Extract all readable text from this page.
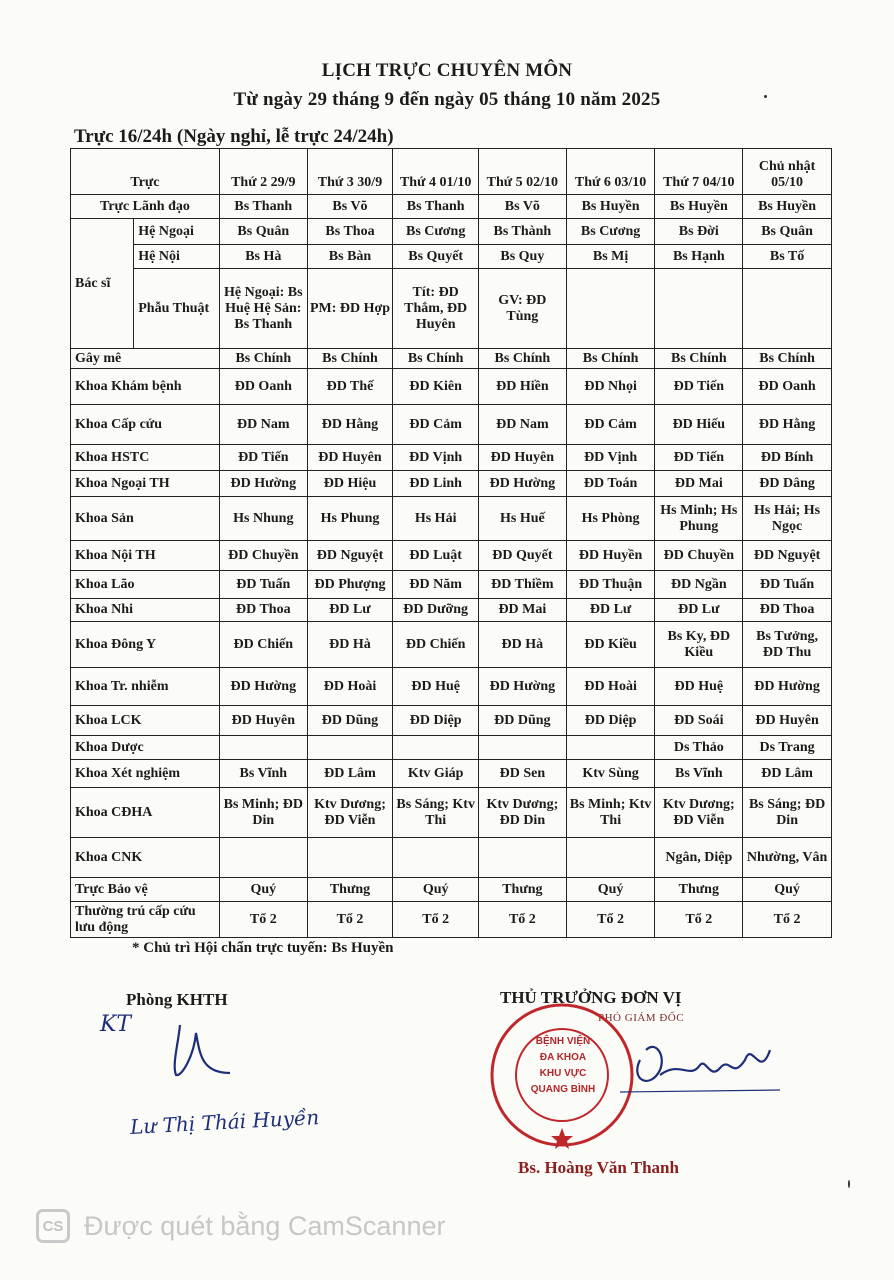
LỊCH TRỰC CHUYÊN MÔN
Từ ngày 29 tháng 9 đến ngày 05 tháng 10 năm 2025
Trực 16/24h (Ngày nghỉ, lễ trực 24/24h)
Trực		Thứ 2 29/9	Thứ 3 30/9	Thứ 4 01/10	Thứ 5 02/10	Thứ 6 03/10	Thứ 7 04/10	Chủ nhật 05/10
Trực Lãnh đạo		Bs Thanh	Bs Võ	Bs Thanh	Bs Võ	Bs Huyền	Bs Huyền	Bs Huyền
Bác sĩ	Hệ Ngoại	Bs Quân	Bs Thoa	Bs Cương	Bs Thành	Bs Cương	Bs Đời	Bs Quân
	Hệ Nội	Bs Hà	Bs Bàn	Bs Quyết	Bs Quy	Bs Mị	Bs Hạnh	Bs Tố
	Phẫu Thuật	Hệ Ngoại: Bs Huệ Hệ Sản: Bs Thanh	PM: ĐD Hợp	Tít: ĐD Thắm, ĐD Huyên	GV: ĐD Tùng			
Gây mê		Bs Chính	Bs Chính	Bs Chính	Bs Chính	Bs Chính	Bs Chính	Bs Chính
Khoa Khám bệnh		ĐD Oanh	ĐD Thế	ĐD Kiên	ĐD Hiền	ĐD Nhọi	ĐD Tiến	ĐD Oanh
Khoa Cấp cứu		ĐD Nam	ĐD Hằng	ĐD Cảm	ĐD Nam	ĐD Cảm	ĐD Hiếu	ĐD Hằng
Khoa HSTC		ĐD Tiến	ĐD Huyên	ĐD Vịnh	ĐD Huyên	ĐD Vịnh	ĐD Tiến	ĐD Bính
Khoa Ngoại TH		ĐD Hường	ĐD Hiệu	ĐD Linh	ĐD Hường	ĐD Toán	ĐD Mai	ĐD Dâng
Khoa Sản		Hs Nhung	Hs Phung	Hs Hải	Hs Huế	Hs Phòng	Hs Minh; Hs Phung	Hs Hải; Hs Ngọc
Khoa Nội TH		ĐD Chuyền	ĐD Nguyệt	ĐD Luật	ĐD Quyết	ĐD Huyền	ĐD Chuyền	ĐD Nguyệt
Khoa Lão		ĐD Tuấn	ĐD Phượng	ĐD Năm	ĐD Thiềm	ĐD Thuận	ĐD Ngần	ĐD Tuấn
Khoa Nhi		ĐD Thoa	ĐD Lư	ĐD Dưỡng	ĐD Mai	ĐD Lư	ĐD Lư	ĐD Thoa
Khoa Đông Y		ĐD Chiến	ĐD Hà	ĐD Chiến	ĐD Hà	ĐD Kiều	Bs Ky, ĐD Kiều	Bs Tưởng, ĐD Thu
Khoa Tr. nhiễm		ĐD Hường	ĐD Hoài	ĐD Huệ	ĐD Hường	ĐD Hoài	ĐD Huệ	ĐD Hường
Khoa LCK		ĐD Huyên	ĐD Dũng	ĐD Diệp	ĐD Dũng	ĐD Diệp	ĐD Soái	ĐD Huyên
Khoa Dược							Ds Thảo	Ds Trang
Khoa Xét nghiệm		Bs Vĩnh	ĐD Lâm	Ktv Giáp	ĐD Sen	Ktv Sùng	Bs Vĩnh	ĐD Lâm
Khoa CĐHA		Bs Minh; ĐD Din	Ktv Dương; ĐD Viễn	Bs Sáng; Ktv Thi	Ktv Dương; ĐD Din	Bs Minh; Ktv Thi	Ktv Dương; ĐD Viễn	Bs Sáng; ĐD Din
Khoa CNK							Ngân, Diệp	Nhường, Vân
Trực Bảo vệ		Quý	Thưng	Quý	Thưng	Quý	Thưng	Quý
Thường trú cấp cứu lưu động		Tổ 2	Tổ 2	Tổ 2	Tổ 2	Tổ 2	Tổ 2	Tổ 2
* Chủ trì Hội chẩn trực tuyến: Bs Huyền
Phòng KHTH
KT
Lư Thị Thái Huyền
THỦ TRƯỞNG ĐƠN VỊ
PHÓ GIÁM ĐỐC
BỆNH VIỆN
ĐA KHOA
KHU VỰC
QUANG BÌNH
Bs. Hoàng Văn Thanh
CS Được quét bằng CamScanner
